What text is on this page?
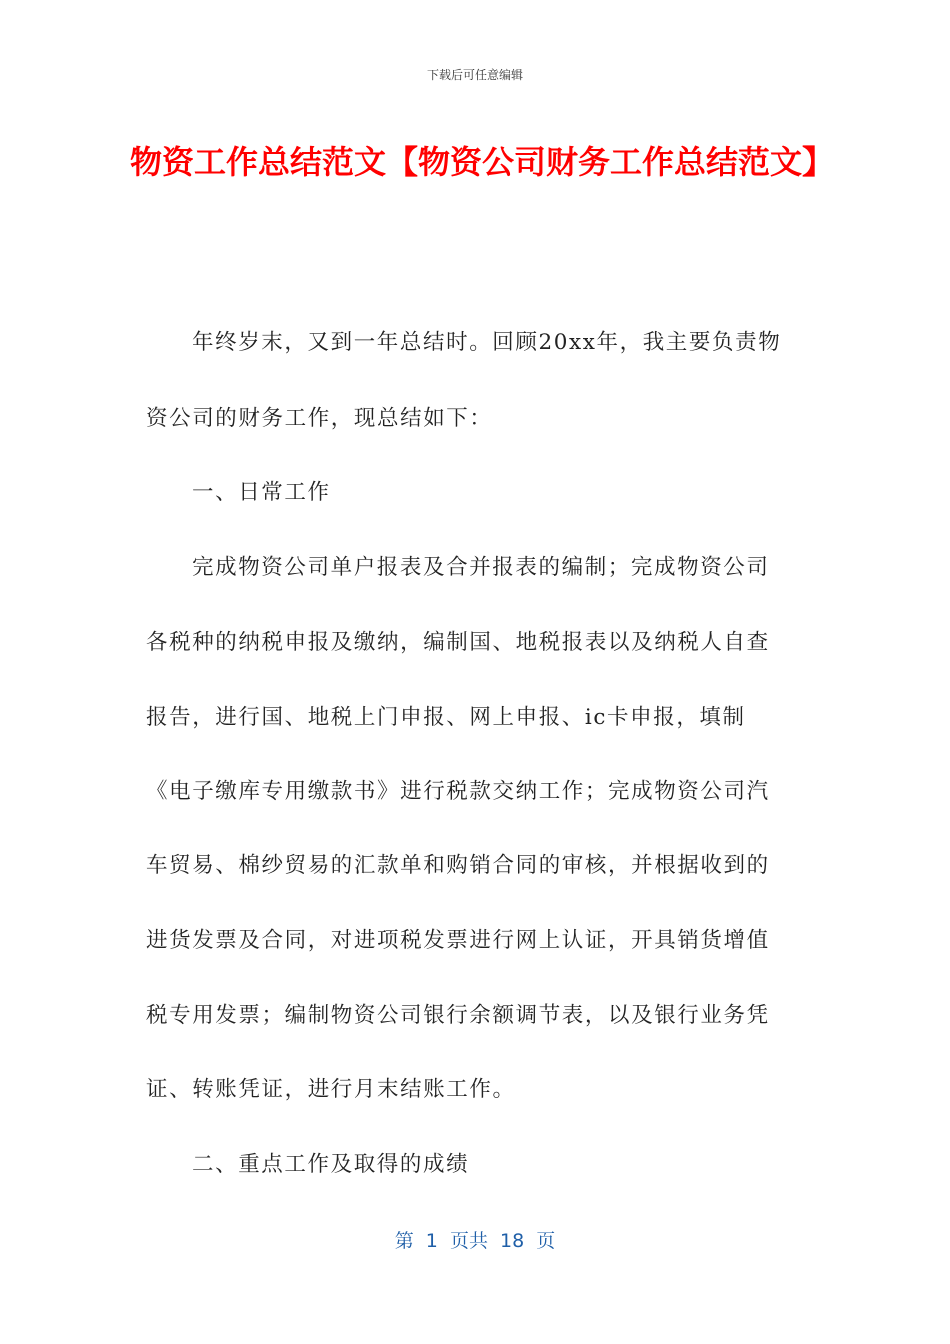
下载后可任意编辑
物资工作总结范文【物资公司财务工作总结范文】
年终岁末，又到一年总结时。回顾20xx年，我主要负责物
资公司的财务工作，现总结如下：
一、日常工作
完成物资公司单户报表及合并报表的编制；完成物资公司
各税种的纳税申报及缴纳，编制国、地税报表以及纳税人自查
报告，进行国、地税上门申报、网上申报、ic卡申报，填制
《电子缴库专用缴款书》进行税款交纳工作；完成物资公司汽
车贸易、棉纱贸易的汇款单和购销合同的审核，并根据收到的
进货发票及合同，对进项税发票进行网上认证，开具销货增值
税专用发票；编制物资公司银行余额调节表，以及银行业务凭
证、转账凭证，进行月末结账工作。
二、重点工作及取得的成绩
第  1  页共  18  页
